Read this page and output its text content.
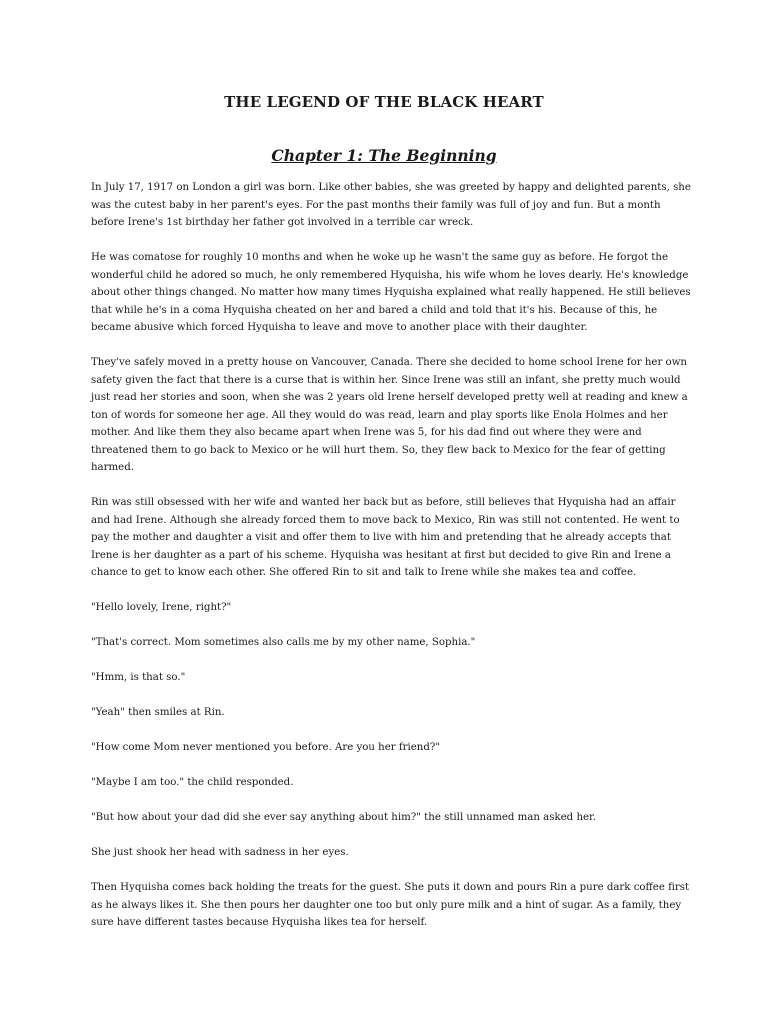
THE LEGEND OF THE BLACK HEART
Chapter 1: The Beginning

In July 17, 1917 on London a girl was born. Like other babies, she was greeted by happy and delighted parents, she was the cutest baby in her parent's eyes. For the past months their family was full of joy and fun. But a month before Irene's 1st birthday her father got involved in a terrible car wreck.

He was comatose for roughly 10 months and when he woke up he wasn't the same guy as before. He forgot the wonderful child he adored so much, he only remembered Hyquisha, his wife whom he loves dearly. He's knowledge about other things changed. No matter how many times Hyquisha explained what really happened. He still believes that while he's in a coma Hyquisha cheated on her and bared a child and told that it's his. Because of this, he became abusive which forced Hyquisha to leave and move to another place with their daughter.

They've safely moved in a pretty house on Vancouver, Canada. There she decided to home school Irene for her own safety given the fact that there is a curse that is within her. Since Irene was still an infant, she pretty much would just read her stories and soon, when she was 2 years old Irene herself developed pretty well at reading and knew a ton of words for someone her age. All they would do was read, learn and play sports like Enola Holmes and her mother. And like them they also became apart when Irene was 5, for his dad find out where they were and threatened them to go back to Mexico or he will hurt them. So, they flew back to Mexico for the fear of getting harmed.

Rin was still obsessed with her wife and wanted her back but as before, still believes that Hyquisha had an affair and had Irene. Although she already forced them to move back to Mexico, Rin was still not contented. He went to pay the mother and daughter a visit and offer them to live with him and pretending that he already accepts that Irene is her daughter as a part of his scheme. Hyquisha was hesitant at first but decided to give Rin and Irene a chance to get to know each other. She offered Rin to sit and talk to Irene while she makes tea and coffee.

"Hello lovely, Irene, right?"

"That's correct. Mom sometimes also calls me by my other name, Sophia."

"Hmm, is that so."

"Yeah" then smiles at Rin.

"How come Mom never mentioned you before. Are you her friend?"

"Maybe I am too." the child responded.

"But how about your dad did she ever say anything about him?" the still unnamed man asked her.

She just shook her head with sadness in her eyes.

Then Hyquisha comes back holding the treats for the guest. She puts it down and pours Rin a pure dark coffee first as he always likes it. She then pours her daughter one too but only pure milk and a hint of sugar. As a family, they sure have different tastes because Hyquisha likes tea for herself.
